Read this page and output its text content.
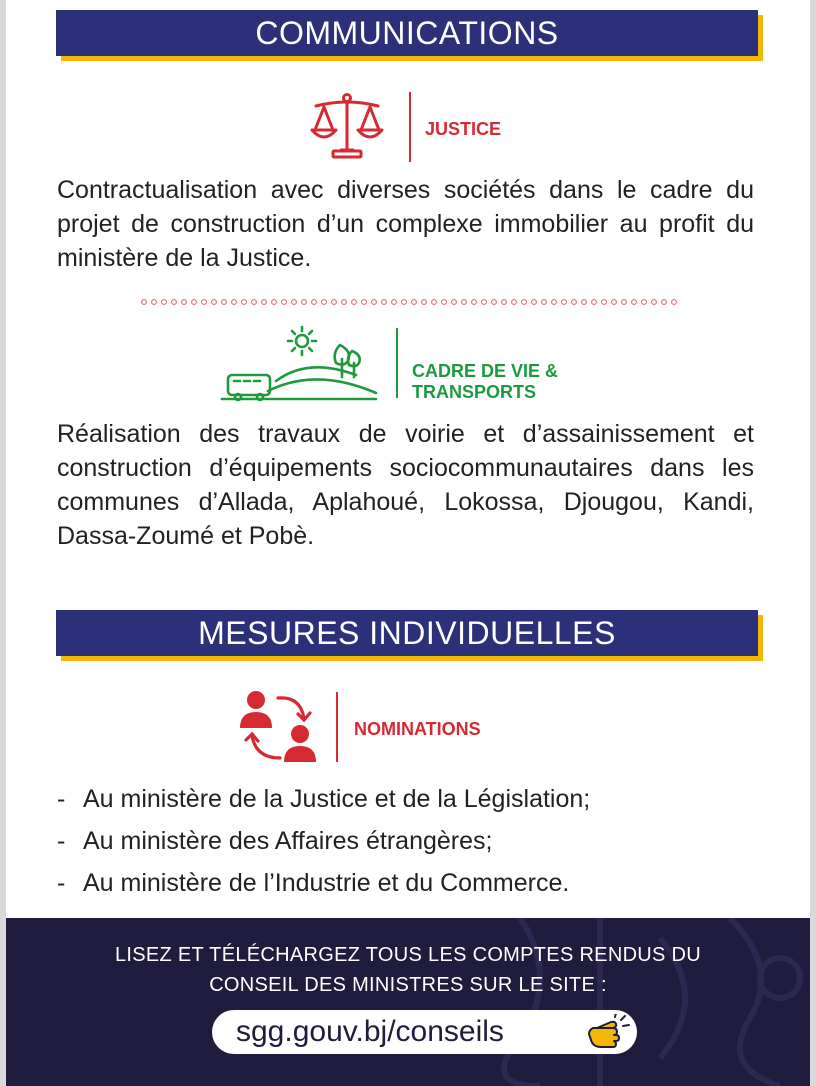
COMMUNICATIONS
JUSTICE

Contractualisation avec diverses sociétés dans le cadre du projet de construction d’un complexe immobilier au profit du ministère de la Justice.

CADRE DE VIE &
TRANSPORTS

Réalisation des travaux de voirie et d’assainissement et construction d’équipements sociocommunautaires dans les communes d’Allada, Aplahoué, Lokossa, Djougou, Kandi, Dassa-Zoumé et Pobè.

MESURES INDIVIDUELLES
NOMINATIONS
- Au ministère de la Justice et de la Législation;
- Au ministère des Affaires étrangères;
- Au ministère de l’Industrie et du Commerce.
LISEZ ET TÉLÉCHARGEZ TOUS LES COMPTES RENDUS DU
CONSEIL DES MINISTRES SUR LE SITE :
sgg.gouv.bj/conseils
